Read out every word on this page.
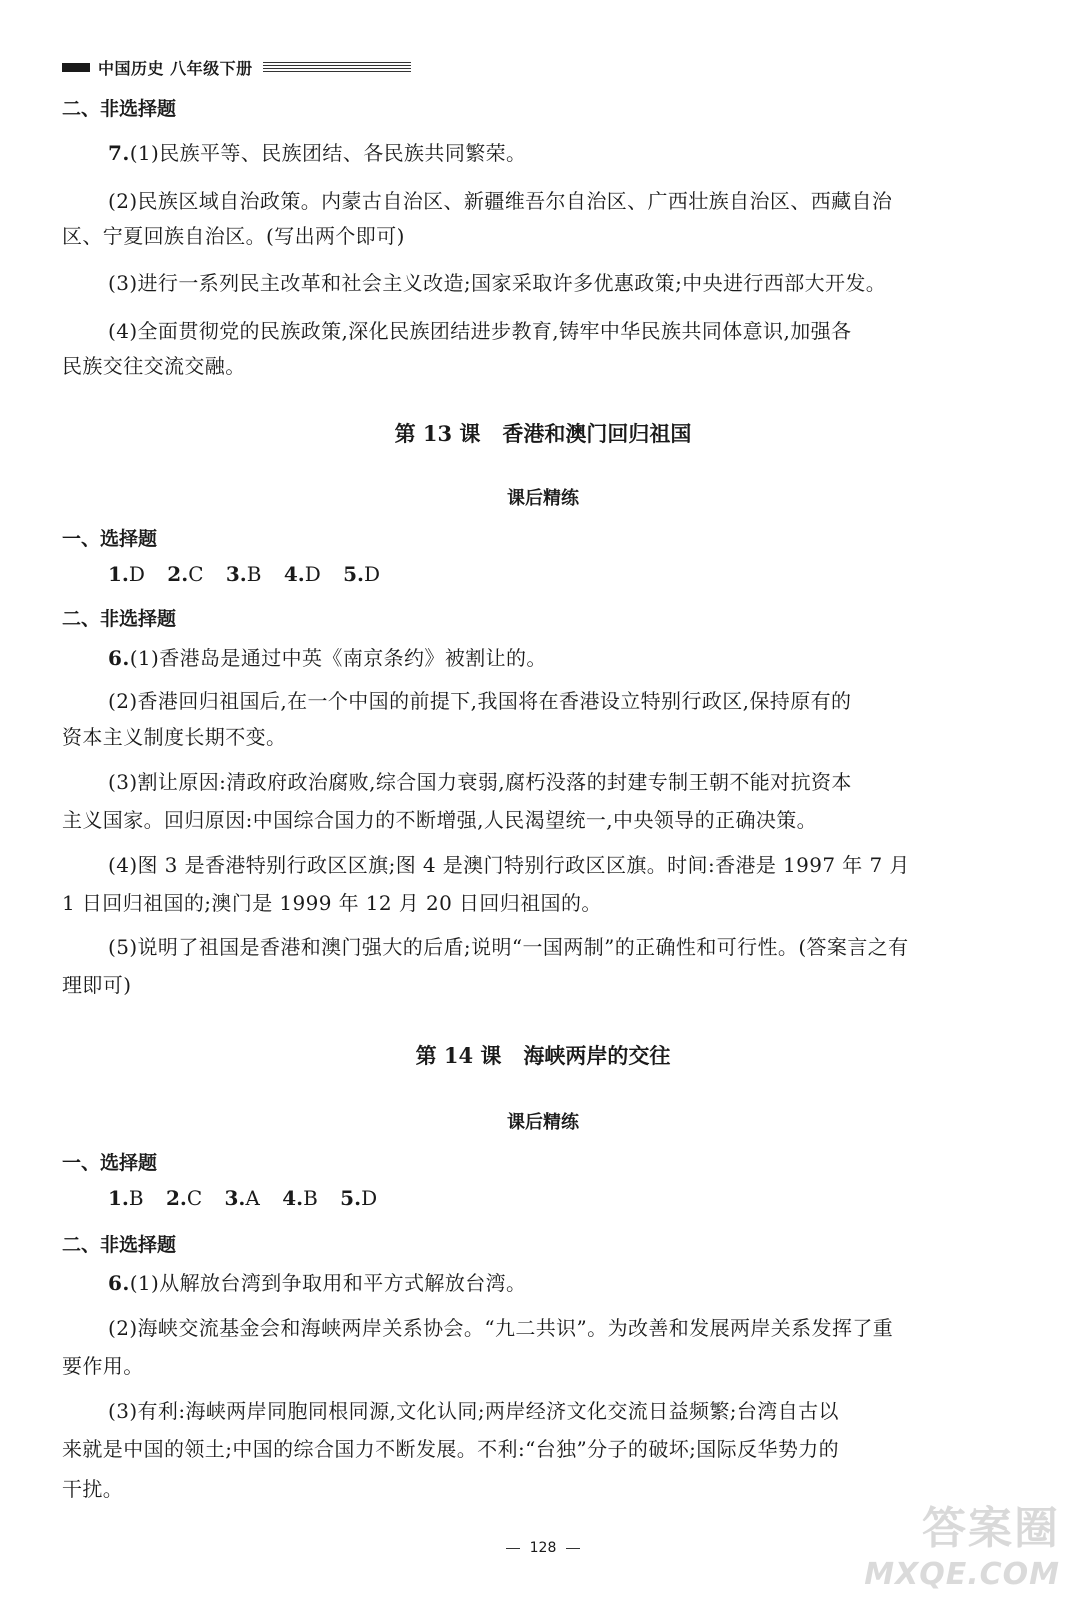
中国历史 八年级下册
二、非选择题
7.(1)民族平等、民族团结、各民族共同繁荣。
(2)民族区域自治政策。内蒙古自治区、新疆维吾尔自治区、广西壮族自治区、西藏自治
区、宁夏回族自治区。(写出两个即可)
(3)进行一系列民主改革和社会主义改造;国家采取许多优惠政策;中央进行西部大开发。
(4)全面贯彻党的民族政策,深化民族团结进步教育,铸牢中华民族共同体意识,加强各
民族交往交流交融。
第 13 课 香港和澳门回归祖国
课后精练
一、选择题
1.D 2.C 3.B 4.D 5.D
二、非选择题
6.(1)香港岛是通过中英《南京条约》被割让的。
(2)香港回归祖国后,在一个中国的前提下,我国将在香港设立特别行政区,保持原有的
资本主义制度长期不变。
(3)割让原因:清政府政治腐败,综合国力衰弱,腐朽没落的封建专制王朝不能对抗资本
主义国家。回归原因:中国综合国力的不断增强,人民渴望统一,中央领导的正确决策。
(4)图 3 是香港特别行政区区旗;图 4 是澳门特别行政区区旗。时间:香港是 1997 年 7 月
1 日回归祖国的;澳门是 1999 年 12 月 20 日回归祖国的。
(5)说明了祖国是香港和澳门强大的后盾;说明“一国两制”的正确性和可行性。(答案言之有
理即可)
第 14 课 海峡两岸的交往
课后精练
一、选择题
1.B 2.C 3.A 4.B 5.D
二、非选择题
6.(1)从解放台湾到争取用和平方式解放台湾。
(2)海峡交流基金会和海峡两岸关系协会。“九二共识”。为改善和发展两岸关系发挥了重
要作用。
(3)有利:海峡两岸同胞同根同源,文化认同;两岸经济文化交流日益频繁;台湾自古以
来就是中国的领土;中国的综合国力不断发展。不利:“台独”分子的破坏;国际反华势力的
干扰。
128	答案圈
MXQE.COM
